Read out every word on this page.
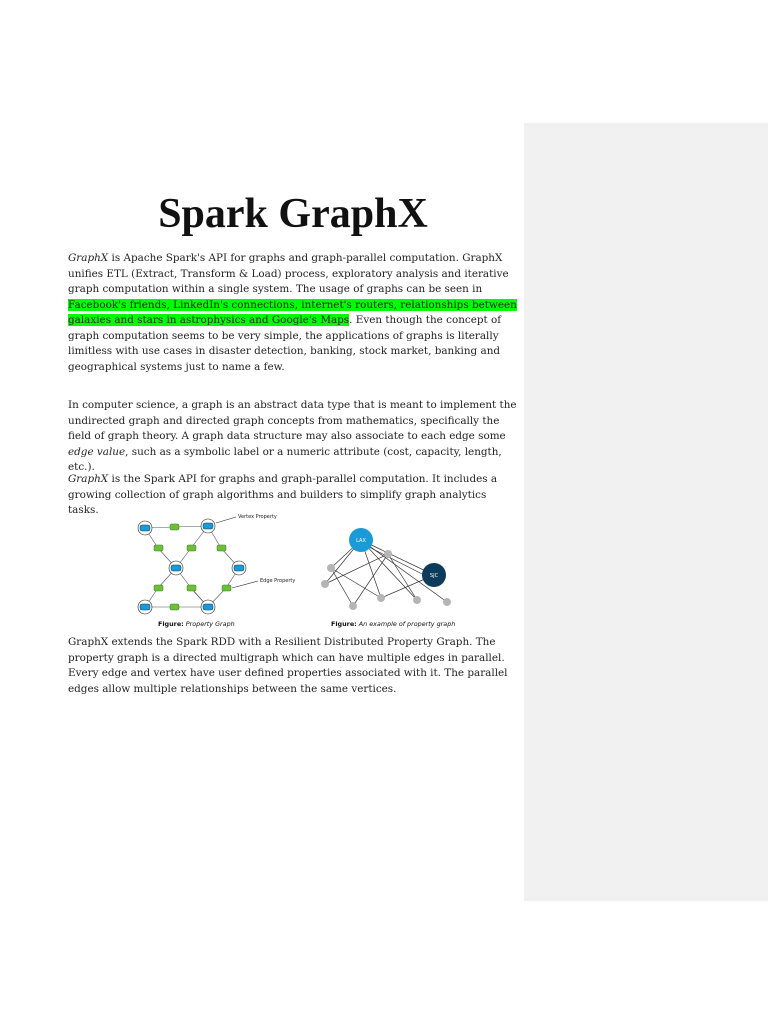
Spark GraphX

GraphX is Apache Spark's API for graphs and graph-parallel computation. GraphX unifies ETL (Extract, Transform & Load) process, exploratory analysis and iterative graph computation within a single system. The usage of graphs can be seen in Facebook's friends, LinkedIn's connections, internet's routers, relationships between galaxies and stars in astrophysics and Google's Maps. Even though the concept of graph computation seems to be very simple, the applications of graphs is literally limitless with use cases in disaster detection, banking, stock market, banking and geographical systems just to name a few.

In computer science, a graph is an abstract data type that is meant to implement the undirected graph and directed graph concepts from mathematics, specifically the field of graph theory. A graph data structure may also associate to each edge some edge value, such as a symbolic label or a numeric attribute (cost, capacity, length, etc.).

GraphX is the Spark API for graphs and graph-parallel computation. It includes a growing collection of graph algorithms and builders to simplify graph analytics tasks.

Vertex Property
Edge Property
Figure: Property Graph
LAX
SJC
Figure: An example of property graph

GraphX extends the Spark RDD with a Resilient Distributed Property Graph. The property graph is a directed multigraph which can have multiple edges in parallel. Every edge and vertex have user defined properties associated with it. The parallel edges allow multiple relationships between the same vertices.
